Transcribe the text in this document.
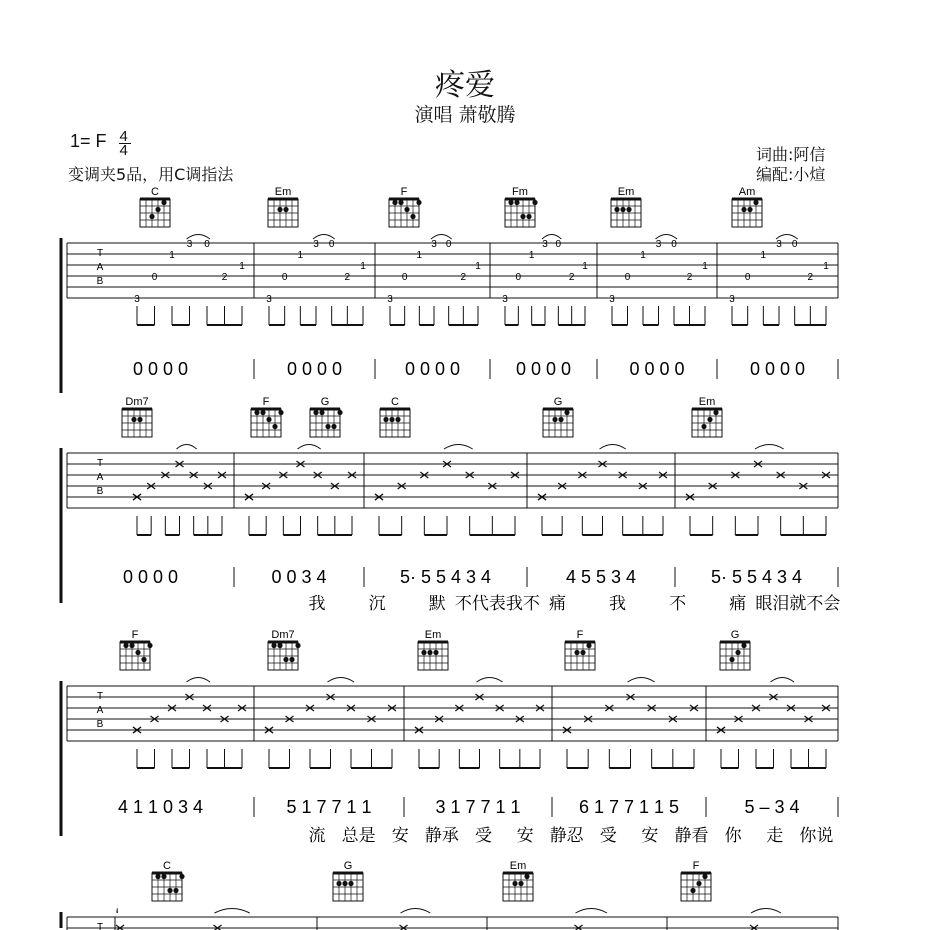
疼爱
演唱 萧敬腾
1= F $\frac{4}{4}$
变调夹5品，用C调指法
词曲:阿信
编配:小煊
T
A
B
C	Em	F	Fm	Em	Am
3
0
1
3 0
2
1
3
0
1
3 0
2
1
3
0
1
3 0
2
1
3
0
1
3 0
2
1
3
0
1
3 0
2
1
3
0
1
3 0
2
1
0 0 0 0	0 0 0 0	0 0 0 0	0 0 0 0	0 0 0 0	0 0 0 0
T
A
B
Dm7	F	G	C	G	Em
0 0 0 0	0 0 3 4	5· 5 5 4 3 4	4 5 5 3 4	5· 5 5 4 3 4
我	沉	默 不代表我不 痛	我	不	痛 眼泪就不会
T
A
B
F	Dm7	Em	F	G
4 1 1 0 3 4	5 1 7 7 1 1	3 1 7 7 1 1	6 1 7 7 1 1 5	5 – 3 4
流 总是 安 静承 受 安 静忍 受 安 静看 你 走 你说
T
C	G	Em	F
